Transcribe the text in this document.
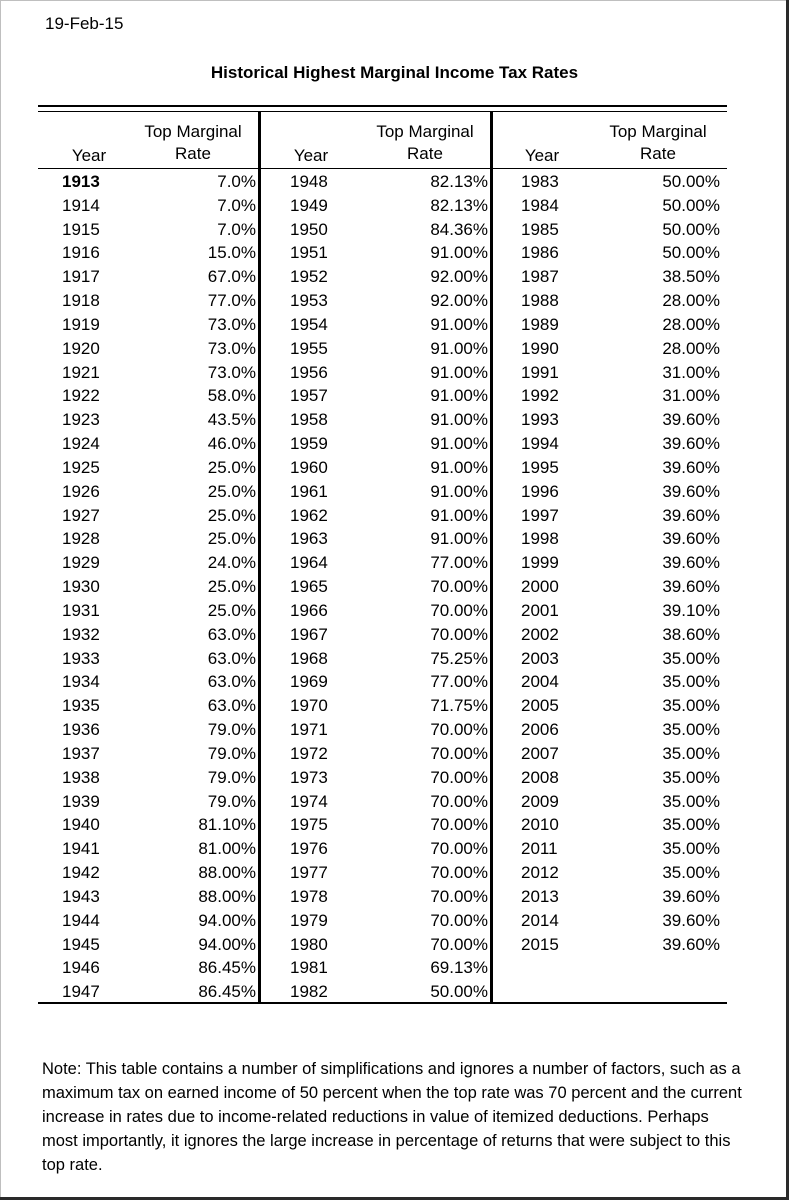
19-Feb-15
Historical Highest Marginal Income Tax Rates
Year
Top Marginal
Rate	Year
Top Marginal
Rate	Year
Top Marginal
Rate
1913	7.0%
1914	7.0%
1915	7.0%
1916	15.0%
1917	67.0%
1918	77.0%
1919	73.0%
1920	73.0%
1921	73.0%
1922	58.0%
1923	43.5%
1924	46.0%
1925	25.0%
1926	25.0%
1927	25.0%
1928	25.0%
1929	24.0%
1930	25.0%
1931	25.0%
1932	63.0%
1933	63.0%
1934	63.0%
1935	63.0%
1936	79.0%
1937	79.0%
1938	79.0%
1939	79.0%
1940	81.10%
1941	81.00%
1942	88.00%
1943	88.00%
1944	94.00%
1945	94.00%
1946	86.45%
1947	86.45%
1948	82.13%
1949	82.13%
1950	84.36%
1951	91.00%
1952	92.00%
1953	92.00%
1954	91.00%
1955	91.00%
1956	91.00%
1957	91.00%
1958	91.00%
1959	91.00%
1960	91.00%
1961	91.00%
1962	91.00%
1963	91.00%
1964	77.00%
1965	70.00%
1966	70.00%
1967	70.00%
1968	75.25%
1969	77.00%
1970	71.75%
1971	70.00%
1972	70.00%
1973	70.00%
1974	70.00%
1975	70.00%
1976	70.00%
1977	70.00%
1978	70.00%
1979	70.00%
1980	70.00%
1981	69.13%
1982	50.00%
1983	50.00%
1984	50.00%
1985	50.00%
1986	50.00%
1987	38.50%
1988	28.00%
1989	28.00%
1990	28.00%
1991	31.00%
1992	31.00%
1993	39.60%
1994	39.60%
1995	39.60%
1996	39.60%
1997	39.60%
1998	39.60%
1999	39.60%
2000	39.60%
2001	39.10%
2002	38.60%
2003	35.00%
2004	35.00%
2005	35.00%
2006	35.00%
2007	35.00%
2008	35.00%
2009	35.00%
2010	35.00%
2011	35.00%
2012	35.00%
2013	39.60%
2014	39.60%
2015	39.60%
Note: This table contains a number of simplifications and ignores a number of factors, such as a maximum tax on earned income of 50 percent when the top rate was 70 percent and the current increase in rates due to income-related reductions in value of itemized deductions. Perhaps most importantly, it ignores the large increase in percentage of returns that were subject to this top rate.
